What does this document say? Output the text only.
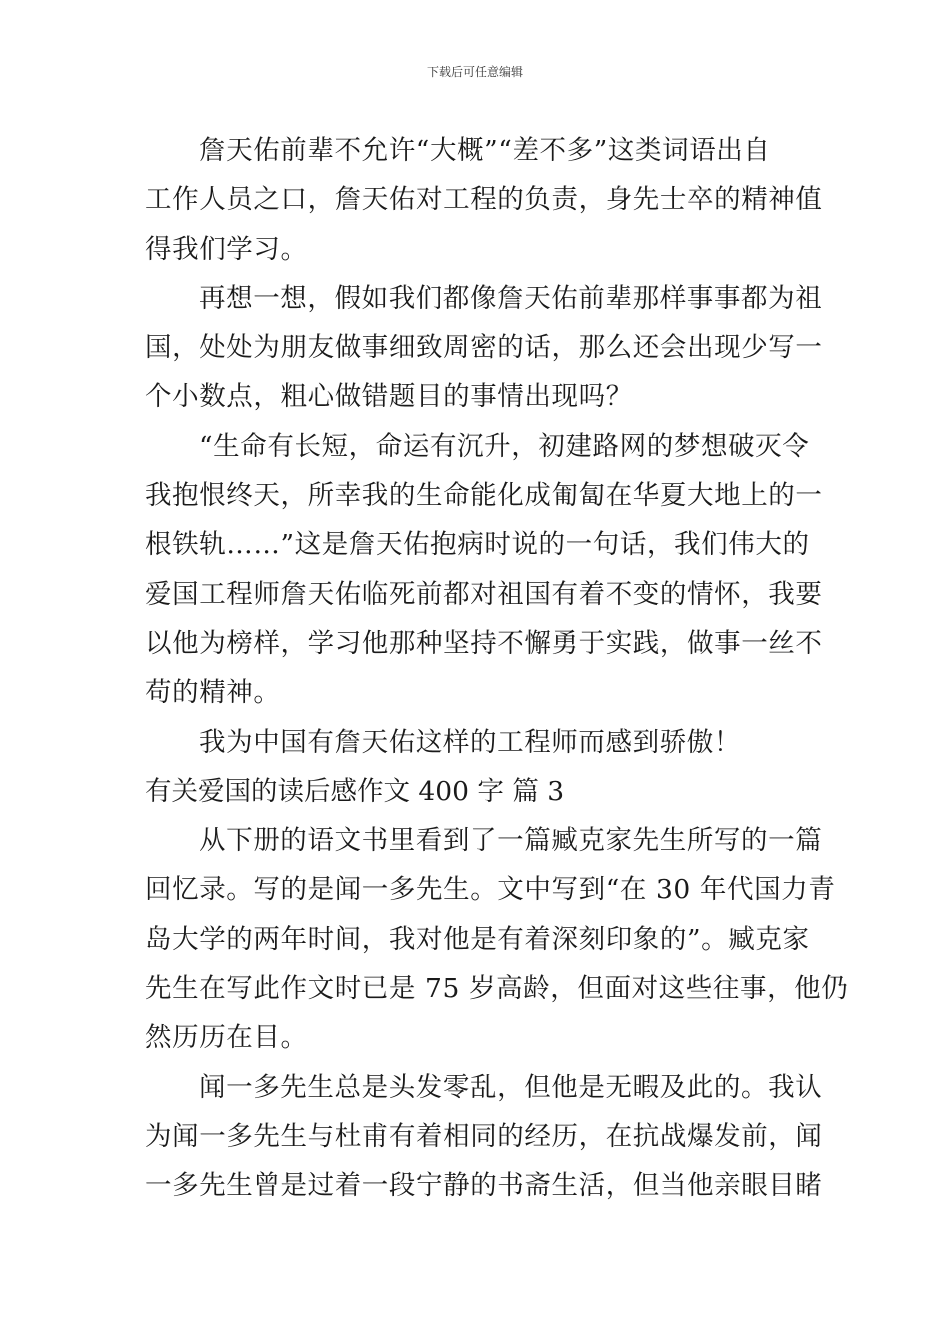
下载后可任意编辑
詹天佑前辈不允许“大概”“差不多”这类词语出自
工作人员之口，詹天佑对工程的负责，身先士卒的精神值
得我们学习。
再想一想，假如我们都像詹天佑前辈那样事事都为祖
国，处处为朋友做事细致周密的话，那么还会出现少写一
个小数点，粗心做错题目的事情出现吗？
“生命有长短，命运有沉升，初建路网的梦想破灭令
我抱恨终天，所幸我的生命能化成匍匐在华夏大地上的一
根铁轨……”这是詹天佑抱病时说的一句话，我们伟大的
爱国工程师詹天佑临死前都对祖国有着不变的情怀，我要
以他为榜样，学习他那种坚持不懈勇于实践，做事一丝不
苟的精神。
我为中国有詹天佑这样的工程师而感到骄傲！
有关爱国的读后感作文 400 字 篇 3
从下册的语文书里看到了一篇臧克家先生所写的一篇
回忆录。写的是闻一多先生。文中写到“在 30 年代国力青
岛大学的两年时间，我对他是有着深刻印象的”。臧克家
先生在写此作文时已是 75 岁高龄，但面对这些往事，他仍
然历历在目。
闻一多先生总是头发零乱，但他是无暇及此的。我认
为闻一多先生与杜甫有着相同的经历，在抗战爆发前，闻
一多先生曾是过着一段宁静的书斋生活，但当他亲眼目睹
